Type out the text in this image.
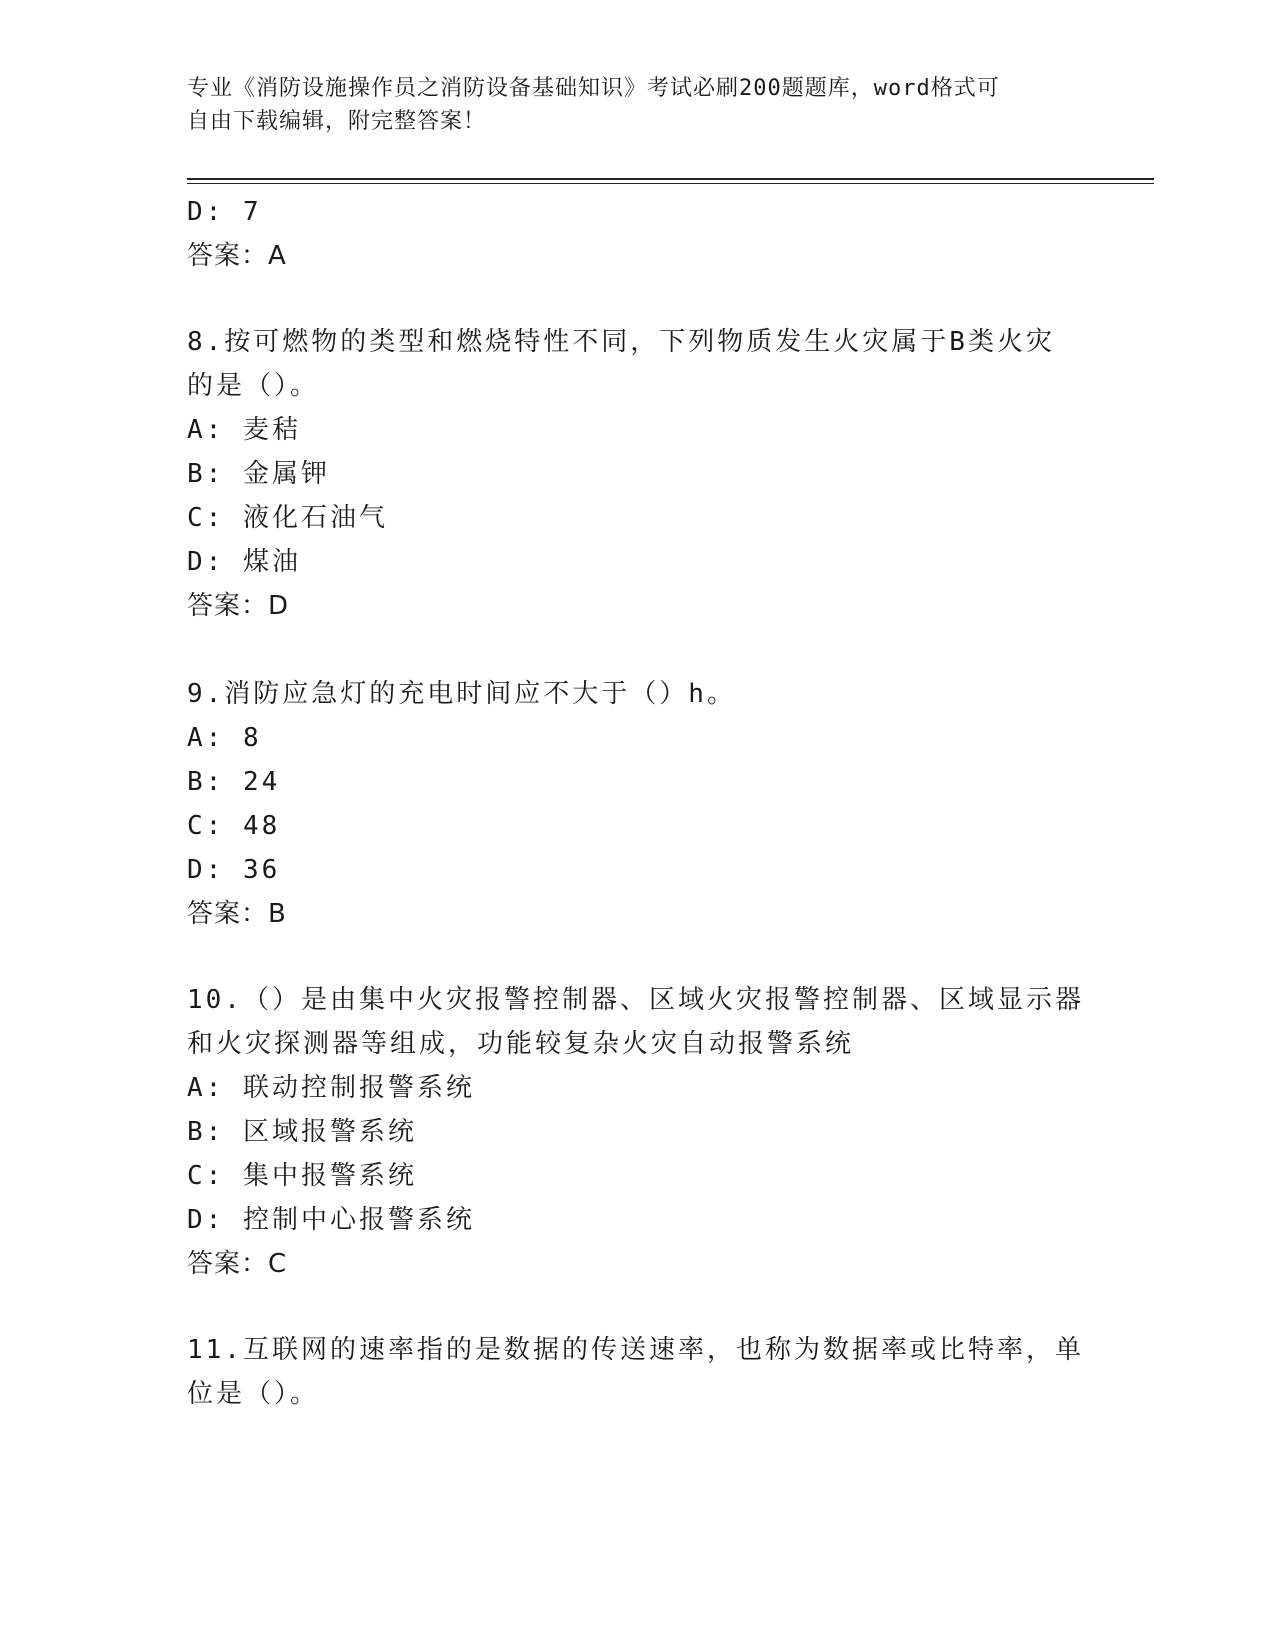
专业《消防设施操作员之消防设备基础知识》考试必刷200题题库，word格式可
自由下载编辑，附完整答案！
D: 7
答案：A
8.按可燃物的类型和燃烧特性不同，下列物质发生火灾属于B类火灾
的是（）。
A: 麦秸
B: 金属钾
C: 液化石油气
D: 煤油
答案：D
9.消防应急灯的充电时间应不大于（）h。
A: 8
B: 24
C: 48
D: 36
答案：B
10.（）是由集中火灾报警控制器、区域火灾报警控制器、区域显示器
和火灾探测器等组成，功能较复杂火灾自动报警系统
A: 联动控制报警系统
B: 区域报警系统
C: 集中报警系统
D: 控制中心报警系统
答案：C
11.互联网的速率指的是数据的传送速率，也称为数据率或比特率，单
位是（）。
